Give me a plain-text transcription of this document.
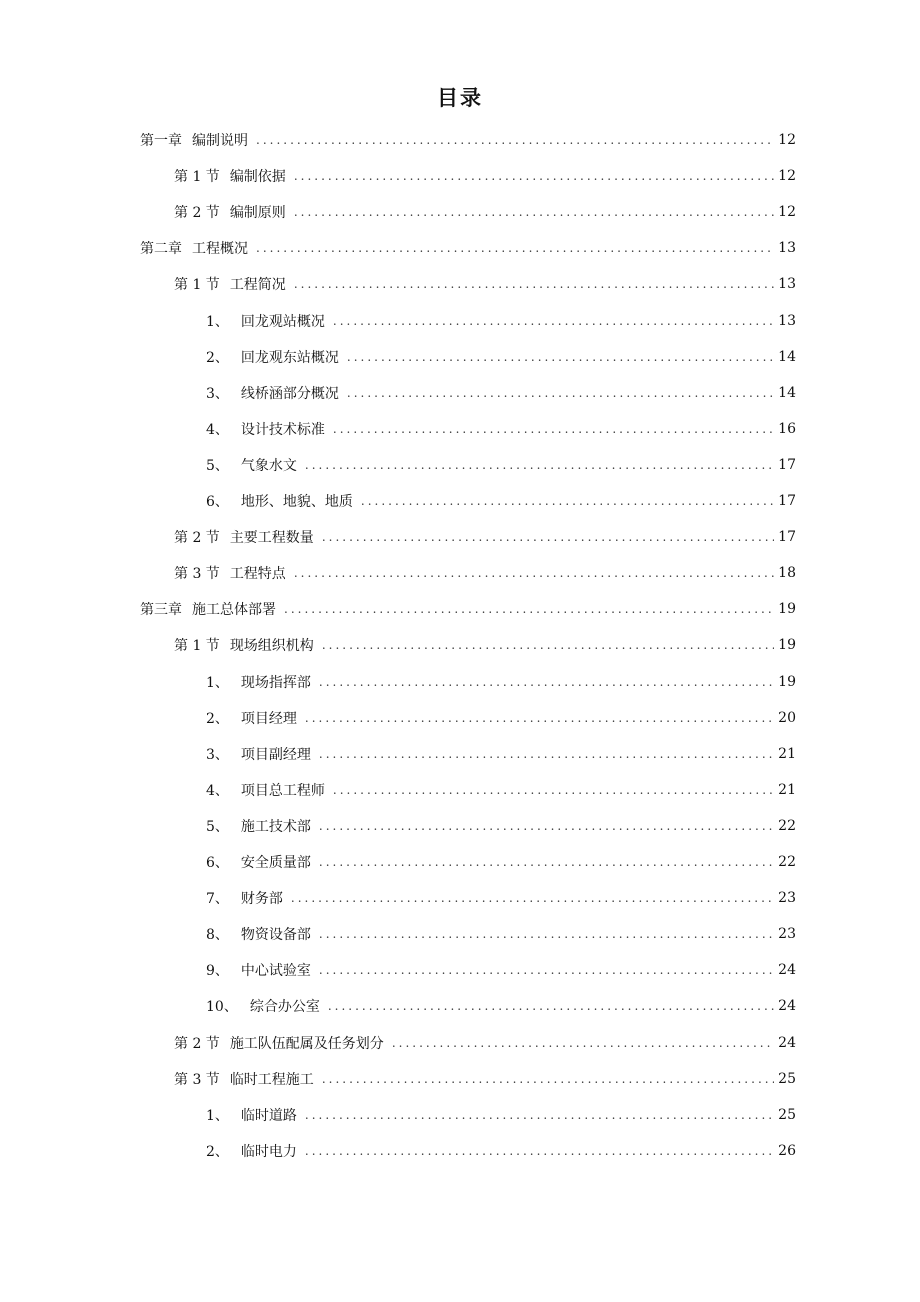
目录
第一章 编制说明 .....	12
第 1 节 编制依据 .....	12
第 2 节 编制原则 .....	12
第二章 工程概况 .....	13
第 1 节 工程简况 .....	13
1、 回龙观站概况 .....	13
2、 回龙观东站概况 .....	14
3、 线桥涵部分概况 .....	14
4、 设计技术标准 .....	16
5、 气象水文 .....	17
6、 地形、地貌、地质 .....	17
第 2 节 主要工程数量 .....	17
第 3 节 工程特点 .....	18
第三章 施工总体部署 .....	19
第 1 节 现场组织机构 .....	19
1、 现场指挥部 .....	19
2、 项目经理 .....	20
3、 项目副经理 .....	21
4、 项目总工程师 .....	21
5、 施工技术部 .....	22
6、 安全质量部 .....	22
7、 财务部 .....	23
8、 物资设备部 .....	23
9、 中心试验室 .....	24
10、 综合办公室 .....	24
第 2 节 施工队伍配属及任务划分 .....	24
第 3 节 临时工程施工 .....	25
1、 临时道路 .....	25
2、 临时电力 .....	26
